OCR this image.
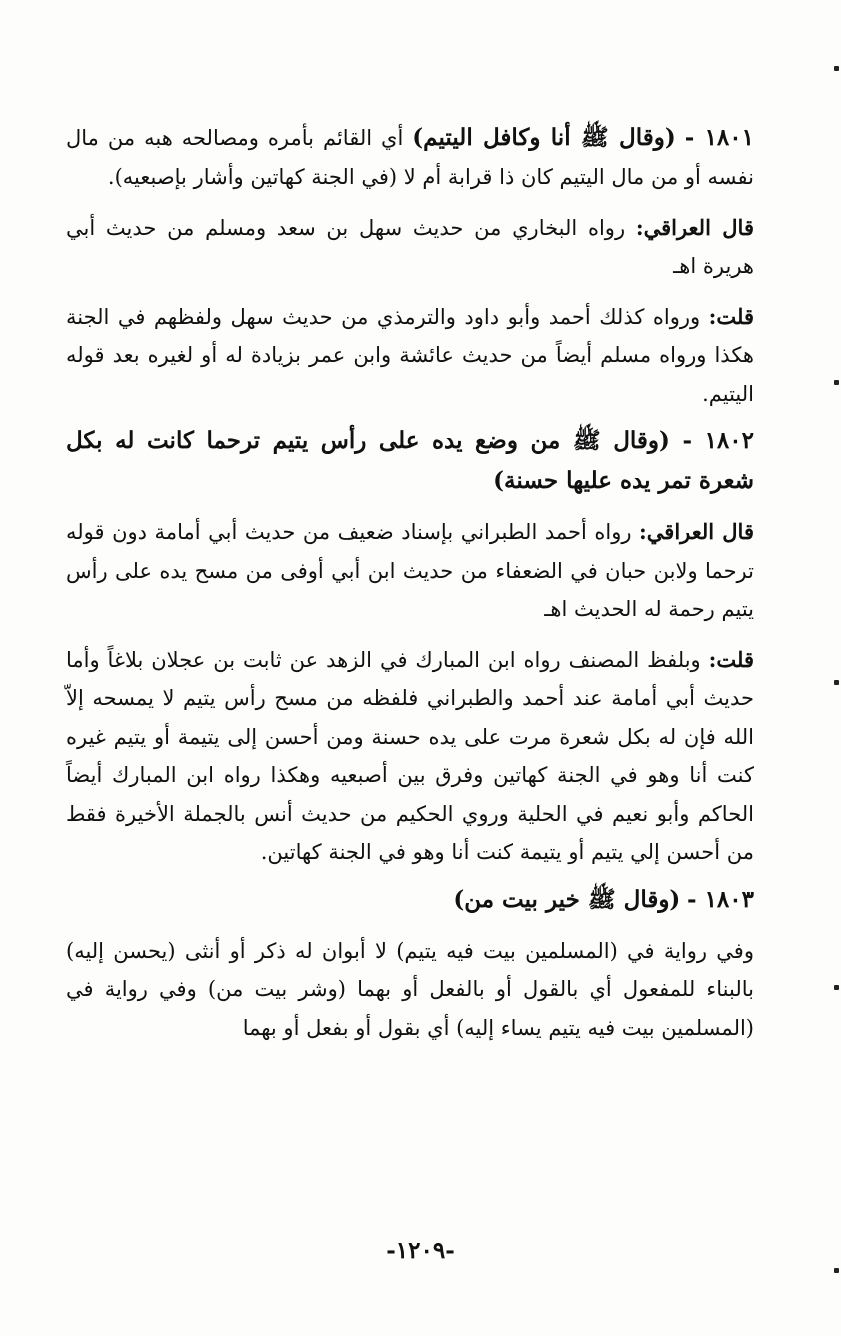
١٨٠١ - (وقال ﷺ أنا وكافل اليتيم) أي القائم بأمره ومصالحه هبه من مال نفسه أو من مال اليتيم كان ذا قرابة أم لا (في الجنة كهاتين وأشار بإصبعيه).

قال العراقي: رواه البخاري من حديث سهل بن سعد ومسلم من حديث أبي هريرة اهـ

قلت: ورواه كذلك أحمد وأبو داود والترمذي من حديث سهل ولفظهم في الجنة هكذا ورواه مسلم أيضاً من حديث عائشة وابن عمر بزيادة له أو لغيره بعد قوله اليتيم.

١٨٠٢ - (وقال ﷺ من وضع يده على رأس يتيم ترحما كانت له بكل شعرة تمر يده عليها حسنة)

قال العراقي: رواه أحمد الطبراني بإسناد ضعيف من حديث أبي أمامة دون قوله ترحما ولابن حبان في الضعفاء من حديث ابن أبي أوفى من مسح يده على رأس يتيم رحمة له الحديث اهـ

قلت: وبلفظ المصنف رواه ابن المبارك في الزهد عن ثابت بن عجلان بلاغاً وأما حديث أبي أمامة عند أحمد والطبراني فلفظه من مسح رأس يتيم لا يمسحه إلاّ الله فإن له بكل شعرة مرت على يده حسنة ومن أحسن إلى يتيمة أو يتيم غيره كنت أنا وهو في الجنة كهاتين وفرق بين أصبعيه وهكذا رواه ابن المبارك أيضاً الحاكم وأبو نعيم في الحلية وروي الحكيم من حديث أنس بالجملة الأخيرة فقط من أحسن إلي يتيم أو يتيمة كنت أنا وهو في الجنة كهاتين.

١٨٠٣ - (وقال ﷺ خير بيت من)

وفي رواية في (المسلمين بيت فيه يتيم) لا أبوان له ذكر أو أنثى (يحسن إليه) بالبناء للمفعول أي بالقول أو بالفعل أو بهما (وشر بيت من) وفي رواية في (المسلمين بيت فيه يتيم يساء إليه) أي بقول أو بفعل أو بهما

-١٢٠٩-
